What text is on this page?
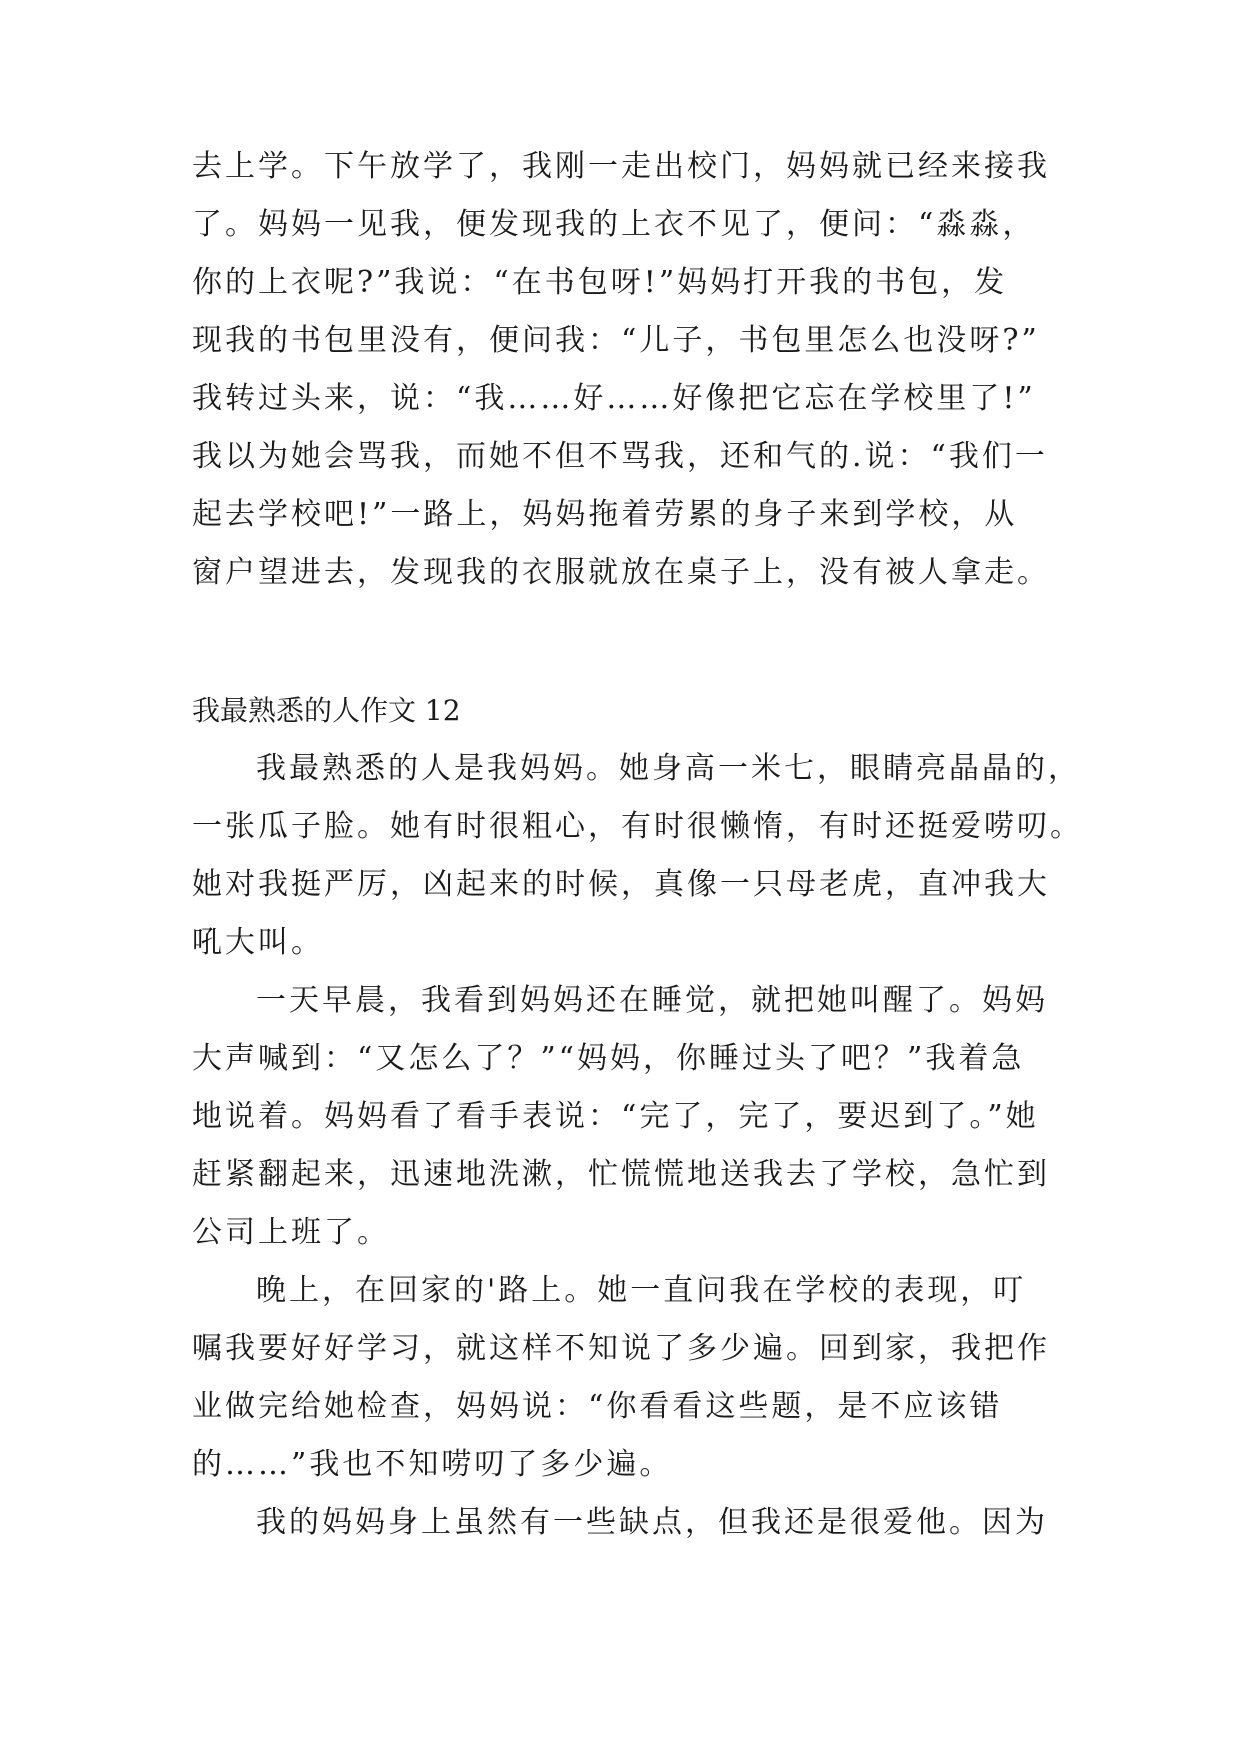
去上学。下午放学了，我刚一走出校门，妈妈就已经来接我
了。妈妈一见我，便发现我的上衣不见了，便问：“淼淼，
你的上衣呢?”我说：“在书包呀!”妈妈打开我的书包，发
现我的书包里没有，便问我：“儿子，书包里怎么也没呀?”
我转过头来，说：“我……好……好像把它忘在学校里了!”
我以为她会骂我，而她不但不骂我，还和气的.说：“我们一
起去学校吧!”一路上，妈妈拖着劳累的身子来到学校，从
窗户望进去，发现我的衣服就放在桌子上，没有被人拿走。
我最熟悉的人作文 12
我最熟悉的人是我妈妈。她身高一米七，眼睛亮晶晶的，
一张瓜子脸。她有时很粗心，有时很懒惰，有时还挺爱唠叨。
她对我挺严厉，凶起来的时候，真像一只母老虎，直冲我大
吼大叫。
一天早晨，我看到妈妈还在睡觉，就把她叫醒了。妈妈
大声喊到：“又怎么了？”“妈妈，你睡过头了吧？”我着急
地说着。妈妈看了看手表说：“完了，完了，要迟到了。”她
赶紧翻起来，迅速地洗漱，忙慌慌地送我去了学校，急忙到
公司上班了。
晚上，在回家的'路上。她一直问我在学校的表现，叮
嘱我要好好学习，就这样不知说了多少遍。回到家，我把作
业做完给她检查，妈妈说：“你看看这些题，是不应该错
的……”我也不知唠叨了多少遍。
我的妈妈身上虽然有一些缺点，但我还是很爱他。因为
